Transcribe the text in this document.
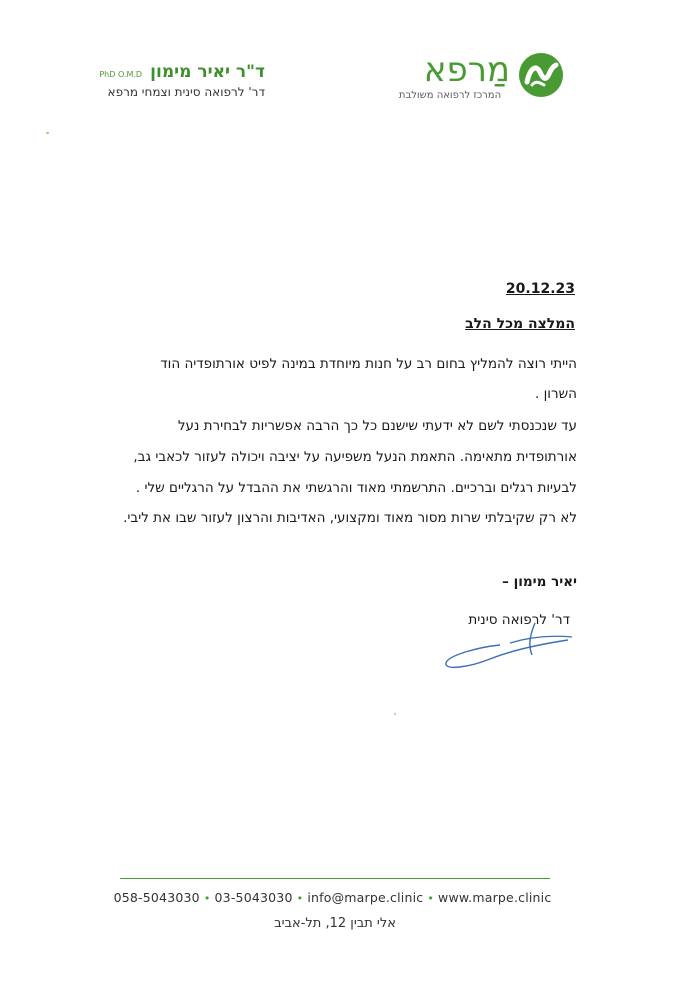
מַרפא
המרכז לרפואה משולבת
ד"ר יאיר מימון PhD O.M.D
דר' לרפואה סינית וצמחי מרפא
20.12.23
המלצה מכל הלב

הייתי רוצה להמליץ בחום רב על חנות מיוחדת במינה לפיט אורתופדיה הוד

השרון .

עד שנכנסתי לשם לא ידעתי שישנם כל כך הרבה אפשריות לבחירת נעל

אורתופדית מתאימה. התאמת הנעל משפיעה על יציבה ויכולה לעזור לכאבי גב,

לבעיות רגלים וברכיים. התרשמתי מאוד והרגשתי את ההבדל על הרגליים שלי .

לא רק שקיבלתי שרות מסור מאוד ומקצועי, האדיבות והרצון לעזור שבו את ליבי.

יאיר מימון –
דר' לרפואה סינית
058-5043030 • 03-5043030 • info@marpe.clinic • www.marpe.clinic
אלי תבין 12, תל-אביב
